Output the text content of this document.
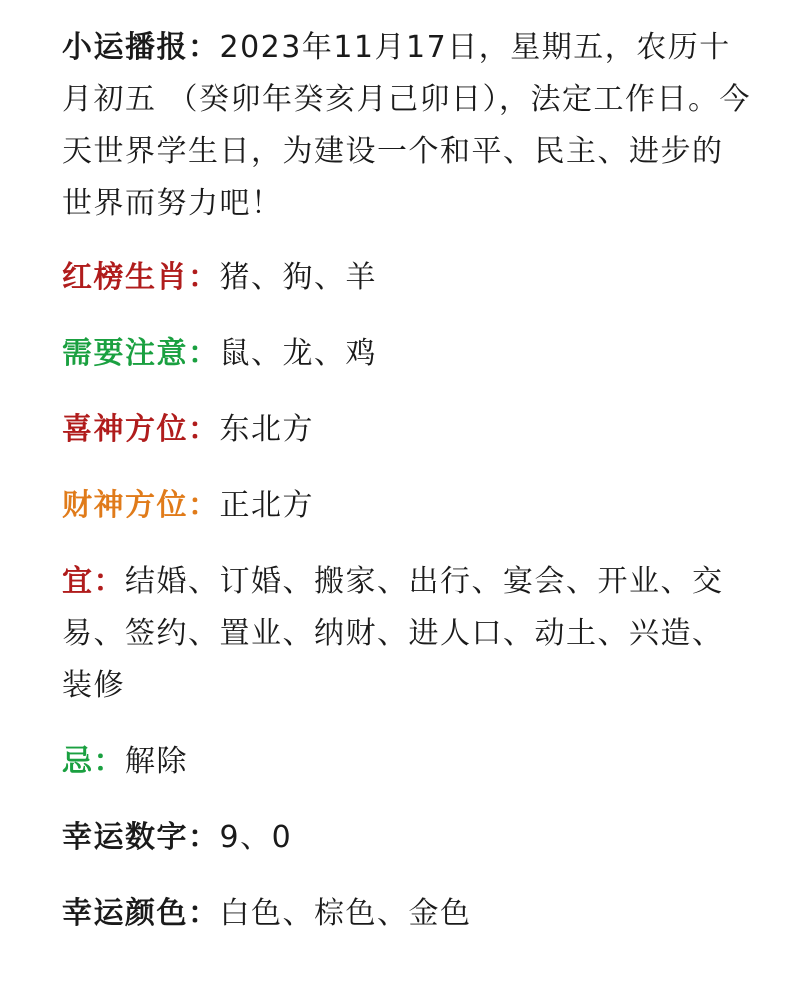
小运播报：2023年11月17日，星期五，农历十月初五 （癸卯年癸亥月己卯日），法定工作日。今天世界学生日，为建设一个和平、民主、进步的世界而努力吧！

红榜生肖：猪、狗、羊

需要注意：鼠、龙、鸡

喜神方位：东北方

财神方位：正北方

宜：结婚、订婚、搬家、出行、宴会、开业、交易、签约、置业、纳财、进人口、动土、兴造、装修

忌：解除

幸运数字：9、0

幸运颜色：白色、棕色、金色
